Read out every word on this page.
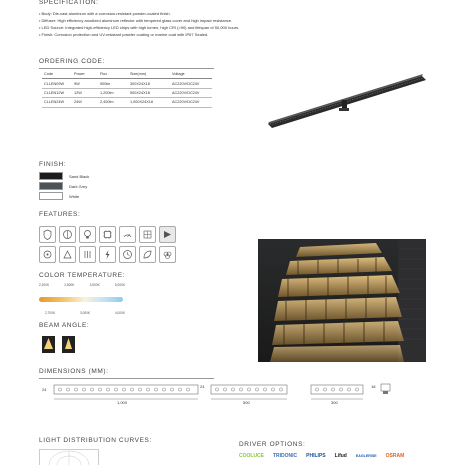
SPECIFICATION:
• Body: Die-cast aluminum with a corrosion-resistant powder-coated finish.
• Diffuser: High efficiency anodized aluminum reflector with tempered glass cover and high impact resistance.
• LED Source: Integrated high-efficiency LED chips with high lumen, high CRI (>90) and lifespan of 50,000 hours.
• Finish: Corrosion protection and UV-resistant powder coating or marine coat with IP67 Sealed.
ORDERING CODE:
Code	Power	Flux	Size(mm)	Voltage
CLLEN09W	9W	900lm	300X24X18	AC220V/DC24V
CLLEN12W	12W	1,200lm	500X24X18	AC220V/DC24V
CLLEN24W	24W	2,400lm	1,000X24X18	AC220V/DC24V
FINISH:
Sand Black
Dark Grey
White
FEATURES:
COLOR TEMPERATURE:
2,200K	2,800K	3,500K	5,000K
2,700K	3,000K	4,000K
BEAM ANGLE:
30°	30°
DIMENSIONS (MM):
24
1,000
24
500	300
18
LIGHT DISTRIBUTION CURVES:
DRIVER OPTIONS:
COOLUCE TRIDONIC PHILIPS Lifud	EAGLERISE OSRAM
